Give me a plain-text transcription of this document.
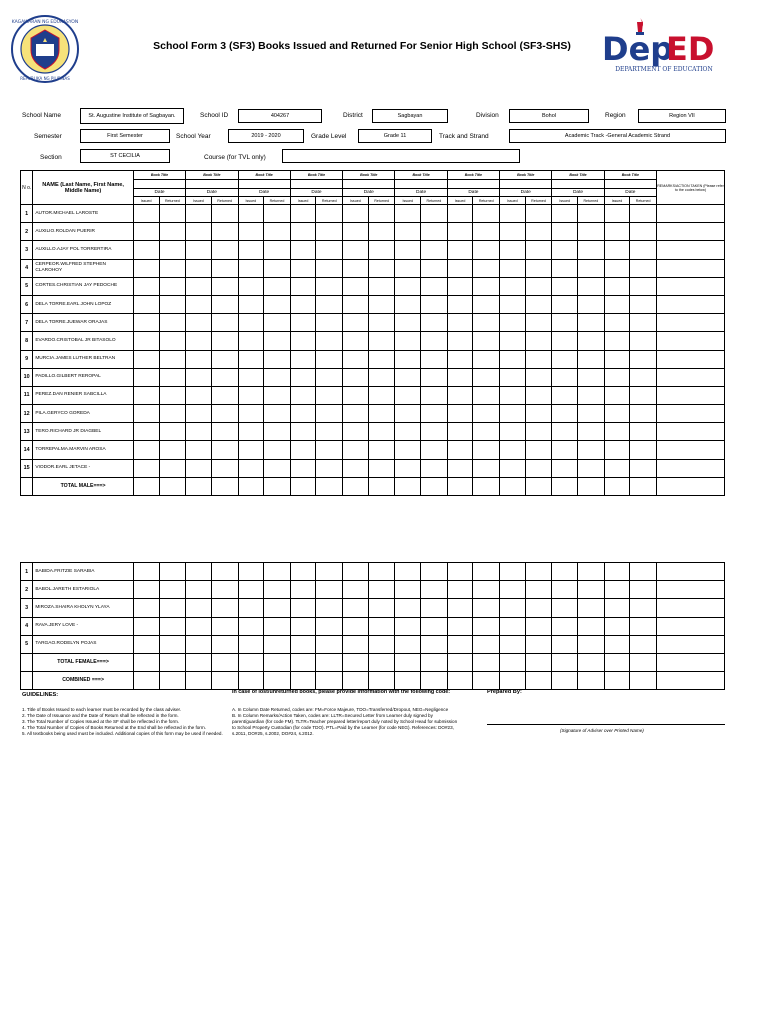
KAGAWARAN NG EDUKASYON
REPUBLIKA NG PILIPINAS
School Form 3 (SF3) Books Issued and Returned For Senior High School (SF3-SHS) Dep
ED
DEPARTMENT OF EDUCATION
School Name	St. Augustine Institute of Sagbayan.	School ID	404267	District	Sagbayan	Division	Bohol	Region	Region VII
Semester	First Semester	School Year	2019 - 2020	Grade Level	Grade 11	Track and Strand	Academic Track -General Academic Strand
Section	ST CECILIA	Course (for TVL only)
N o.	NAME (Last Name, First Name, Middle Name)	Book Title		Book Title		Book Title		Book Title		Book Title		Book Title		Book Title		Book Title		Book Title		Book Title		REMARKS/ACTION TAKEN (Please refer to the codes below)

		Date		Date		Date		Date		Date		Date		Date		Date		Date		Date		
		Issued	Returned	Issued	Returned	Issued	Returned	Issued	Returned	Issued	Returned	Issued	Returned	Issued	Returned	Issued	Returned	Issued	Returned	Issued	Returned	
1	AUTOR.MICHAEL LAROSTE																					
2	AUXILIO.ROLDAN PUERIR																					
3	AUXILLO.AJAY POL TORRERTIRA																					
4	CERPEOR.WILFRED STEPHEN CLAROHOY																					
5	CORTES.CHRISTIAN JAY PEDOCHE																					
6	DELA TORRE.EARL JOHN LOPOZ																					
7	DELA TORRE.JUEWAR ORAJAS																					
8	EVARDO.CRISTOBAL JR BITASOLO																					
9	MURCIA.JAMES LUTHER BELTRAN																					
10	PADILLO.GILBERT REROPAL																					
11	PEREZ.DAN RENIER SABCILLA																					
12	PILA.GERYCO GOREDA																					
13	TERO.RICHARD JR DIAGBEL																					
14	TORREPALMA.MARVIN AROSA																					
15	VIODOR.EARL JETACE -																					
	TOTAL MALE===>																					
1	BABIDA.FRITZIE SARABIA																					
2	BABOL.JARETH ESTARIOLA																					
3	MIROZA.SHAIRA KHOLYN YLAYA																					
4	RAVA.JERY LOVE -																					
5	TARGAO.RODELYN POJAS																					
	TOTAL FEMALE===>																					
	COMBINED ===>																					
GUIDELINES:
1. Title of Books Issued to each learner must be recorded by the class adviser.
2. The Date of Issuance and the Date of Return shall be reflected in the form.
3. The Total Number of Copies Issued at the SF shall be reflected in the form.
4. The Total Number of Copies of Books Returned at the End shall be reflected in the form.
5. All textbooks being used must be included. Additional copies of this form may be used if needed.
In case of lost/unreturned books, please provide information with the following code:
A. In Column Date Returned, codes are: FM=Force Majeure, TDO=Transferred/Dropout, NEG=Negligence
B. In Column Remarks/Action Taken, codes are: LLTR=Secured Letter from Learner duly signed by parent/guardian (for code FM). TLTR=Teacher prepared letter/report duly noted by School Head for submission to School Property Custodian (for code TDO). PTL=Paid by the Learner (for code NEG). References: DO#23, s.2011, DO#25, s.2002, DO#24, s.2012.
Prepared By:
(Signature of Adviser over Printed Name)
